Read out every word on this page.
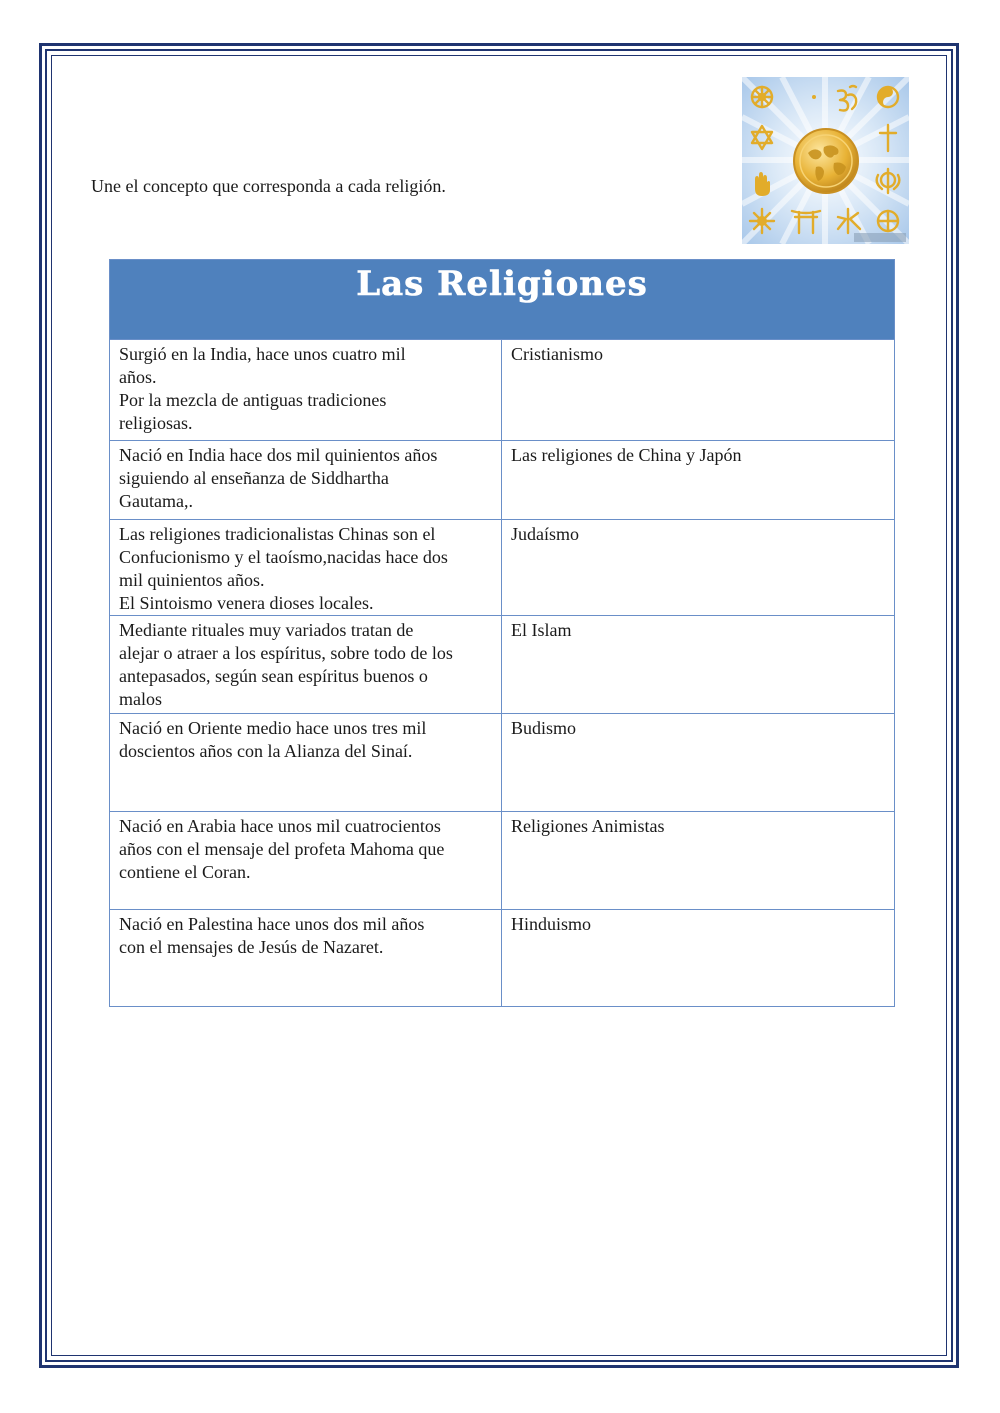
Une el concepto que corresponda a cada religión.

Las Religiones	

Surgió en la India, hace unos cuatro mil
años.
Por la mezcla de antiguas tradiciones
religiosas.	Cristianismo

Nació en India hace dos mil quinientos años
siguiendo al enseñanza de Siddhartha
Gautama,.	Las religiones de China y Japón

Las religiones tradicionalistas Chinas son el
Confucionismo y el taoísmo,nacidas hace dos
mil quinientos años.
El Sintoismo venera dioses locales.	Judaísmo

Mediante rituales muy variados tratan de
alejar o atraer a los espíritus, sobre todo de los
antepasados, según sean espíritus buenos o
malos	El Islam

Nació en Oriente medio hace unos tres mil
doscientos años con la Alianza del Sinaí.	Budismo

Nació en Arabia hace unos mil cuatrocientos
años con el mensaje del profeta Mahoma que
contiene el Coran.	Religiones Animistas

Nació en Palestina hace unos dos mil años
con el mensajes de Jesús de Nazaret.	Hinduismo
